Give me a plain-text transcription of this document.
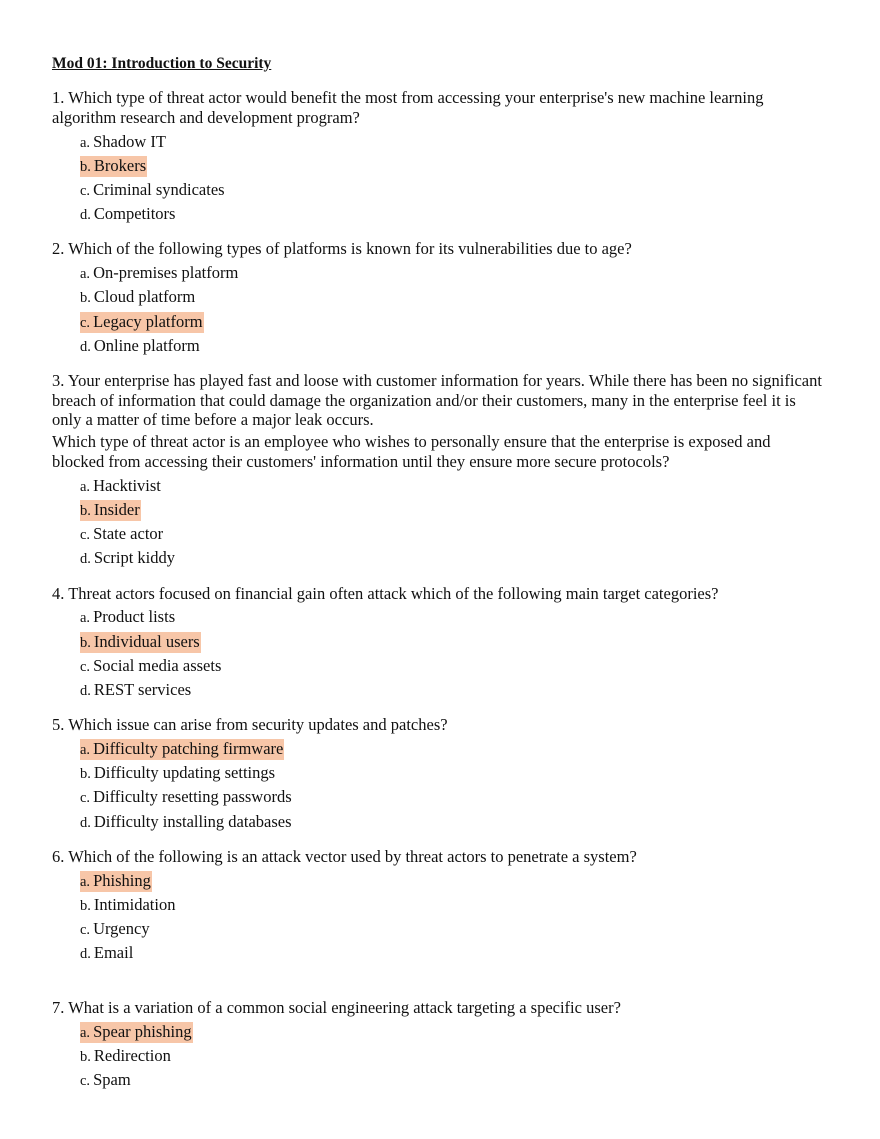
Mod 01: Introduction to Security
1. Which type of threat actor would benefit the most from accessing your enterprise's new machine learning algorithm research and development program?
a. Shadow IT
b. Brokers
c. Criminal syndicates
d. Competitors
2. Which of the following types of platforms is known for its vulnerabilities due to age?
a. On-premises platform
b. Cloud platform
c. Legacy platform
d. Online platform
3. Your enterprise has played fast and loose with customer information for years. While there has been no significant breach of information that could damage the organization and/or their customers, many in the enterprise feel it is only a matter of time before a major leak occurs.
Which type of threat actor is an employee who wishes to personally ensure that the enterprise is exposed and blocked from accessing their customers' information until they ensure more secure protocols?
a. Hacktivist
b. Insider
c. State actor
d. Script kiddy
4. Threat actors focused on financial gain often attack which of the following main target categories?
a. Product lists
b. Individual users
c. Social media assets
d. REST services
5. Which issue can arise from security updates and patches?
a. Difficulty patching firmware
b. Difficulty updating settings
c. Difficulty resetting passwords
d. Difficulty installing databases
6. Which of the following is an attack vector used by threat actors to penetrate a system?
a. Phishing
b. Intimidation
c. Urgency
d. Email
7. What is a variation of a common social engineering attack targeting a specific user?
a. Spear phishing
b. Redirection
c. Spam
